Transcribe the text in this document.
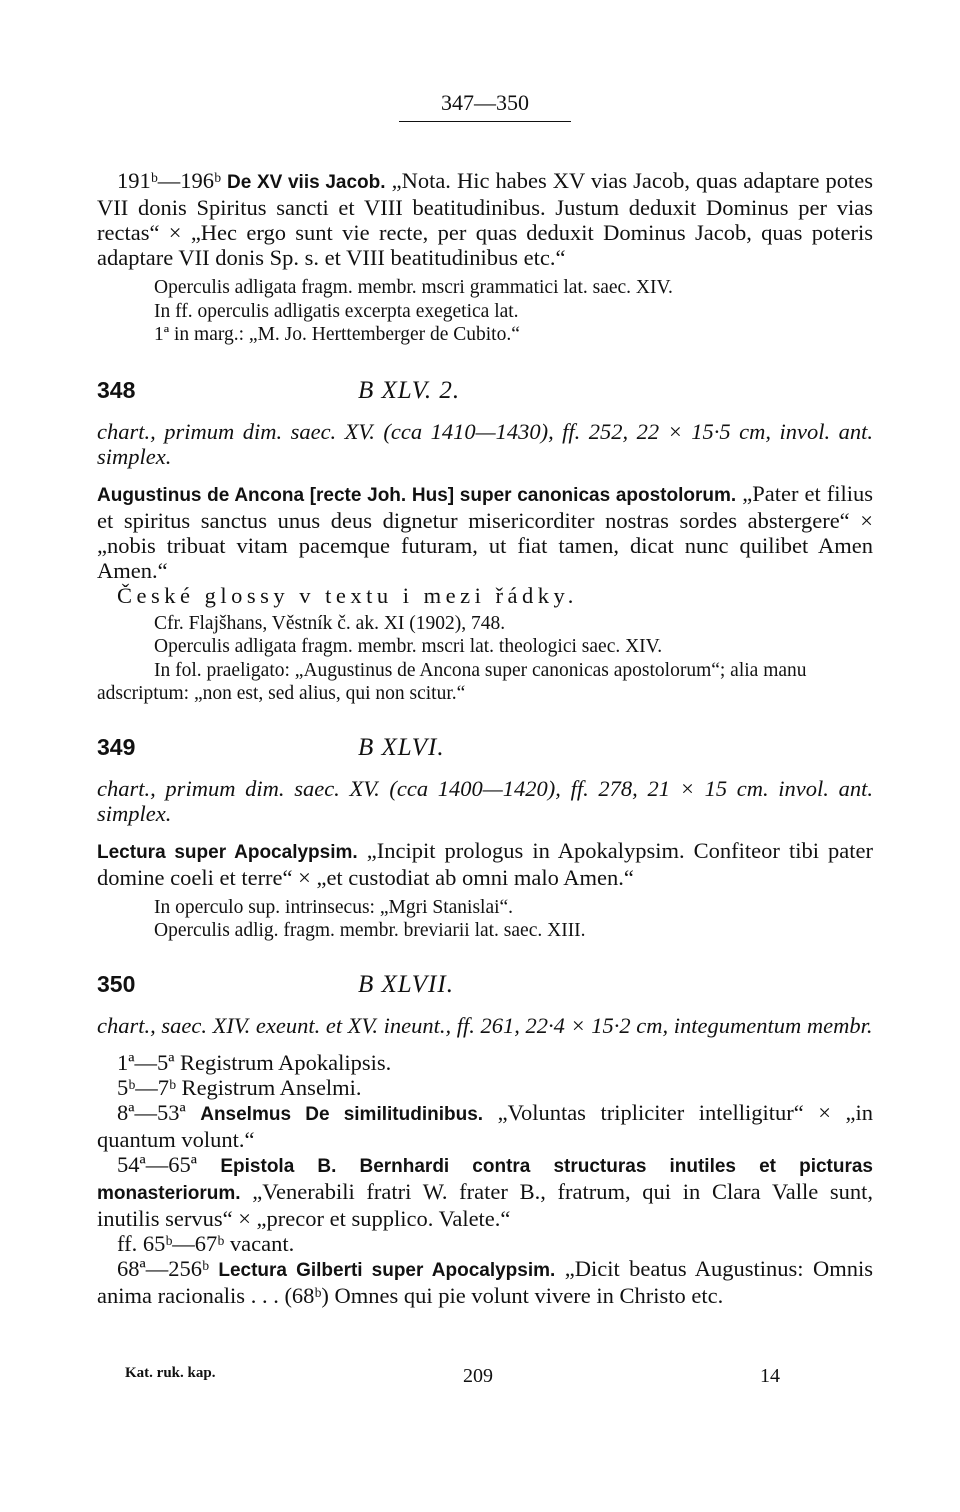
347—350

191ᵇ—196ᵇ De XV viis Jacob. „Nota. Hic habes XV vias Jacob, quas adaptare potes VII donis Spiritus sancti et VIII beatitudinibus. Justum deduxit Dominus per vias rectas“ × „Hec ergo sunt vie recte, per quas deduxit Dominus Jacob, quas poteris adaptare VII donis Sp. s. et VIII beatitudinibus etc.“

Operculis adligata fragm. membr. mscri grammatici lat. saec. XIV.

In ff. operculis adligatis excerpta exegetica lat.

1ª in marg.: „M. Jo. Herttemberger de Cubito.“

348	B XLV. 2.

chart., primum dim. saec. XV. (cca 1410—1430), ff. 252, 22 × 15·5 cm, invol. ant. simplex.

Augustinus de Ancona [recte Joh. Hus] super canonicas apostolorum. „Pater et filius et spiritus sanctus unus deus dignetur misericorditer nostras sordes abstergere“ × „nobis tribuat vitam pacemque futuram, ut fiat tamen, dicat nunc quilibet Amen Amen.“

České glossy v textu i mezi řádky.

Cfr. Flajšhans, Věstník č. ak. XI (1902), 748.

Operculis adligata fragm. membr. mscri lat. theologici saec. XIV.

In fol. praeligato: „Augustinus de Ancona super canonicas apostolorum“; alia manu adscriptum: „non est, sed alius, qui non scitur.“

349	B XLVI.

chart., primum dim. saec. XV. (cca 1400—1420), ff. 278, 21 × 15 cm. invol. ant. simplex.

Lectura super Apocalypsim. „Incipit prologus in Apokalypsim. Confiteor tibi pater domine coeli et terre“ × „et custodiat ab omni malo Amen.“

In operculo sup. intrinsecus: „Mgri Stanislai“.

Operculis adlig. fragm. membr. breviarii lat. saec. XIII.

350	B XLVII.

chart., saec. XIV. exeunt. et XV. ineunt., ff. 261, 22·4 × 15·2 cm, integumentum membr.

1ª—5ª Registrum Apokalipsis.

5ᵇ—7ᵇ Registrum Anselmi.

8ª—53ª Anselmus De similitudinibus. „Voluntas tripliciter intelligitur“ × „in quantum volunt.“

54ª—65ª Epistola B. Bernhardi contra structuras inutiles et picturas monasteriorum. „Venerabili fratri W. frater B., fratrum, qui in Clara Valle sunt, inutilis servus“ × „precor et supplico. Valete.“

ff. 65ᵇ—67ᵇ vacant.

68ª—256ᵇ Lectura Gilberti super Apocalypsim. „Dicit beatus Augustinus: Omnis anima racionalis . . . (68ᵇ) Omnes qui pie volunt vivere in Christo etc.

Kat. ruk. kap.	209	14
